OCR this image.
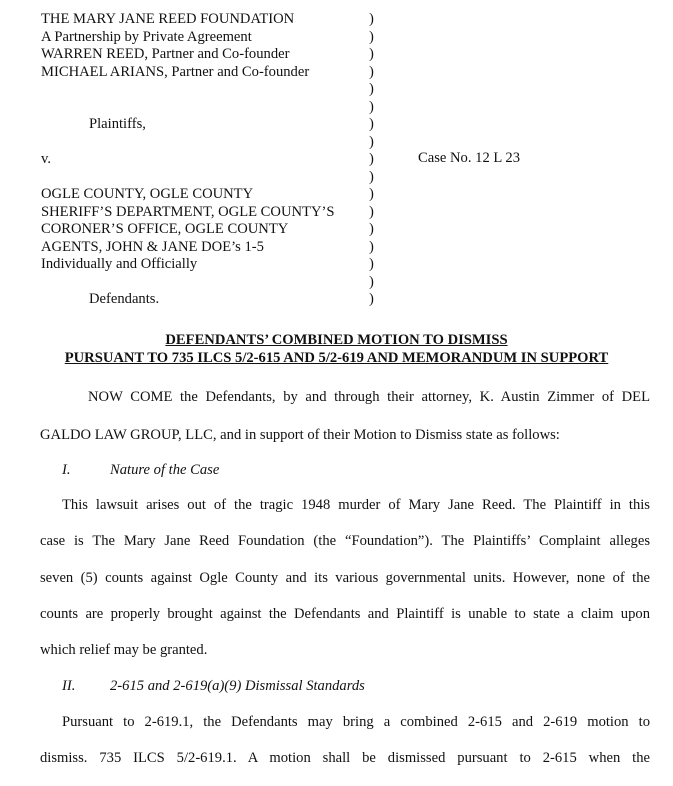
THE MARY JANE REED FOUNDATION
A Partnership by Private Agreement
WARREN REED, Partner and Co-founder
MICHAEL ARIANS, Partner and Co-founder
Plaintiffs,
v.
OGLE COUNTY, OGLE COUNTY
SHERIFF’S DEPARTMENT, OGLE COUNTY’S
CORONER’S OFFICE, OGLE COUNTY
AGENTS, JOHN & JANE DOE’s 1-5
Individually and Officially
Defendants.
)
)
)
)
)
)
)
)
)
)
)
)
)
)
)
)
)
Case No. 12 L 23
DEFENDANTS’ COMBINED MOTION TO DISMISS
PURSUANT TO 735 ILCS 5/2-615 AND 5/2-619 AND MEMORANDUM IN SUPPORT
NOW COME the Defendants, by and through their attorney, K. Austin Zimmer of DEL
GALDO LAW GROUP, LLC, and in support of their Motion to Dismiss state as follows:
I.	Nature of the Case
This lawsuit arises out of the tragic 1948 murder of Mary Jane Reed. The Plaintiff in this
case is The Mary Jane Reed Foundation (the “Foundation”). The Plaintiffs’ Complaint alleges
seven (5) counts against Ogle County and its various governmental units. However, none of the
counts are properly brought against the Defendants and Plaintiff is unable to state a claim upon
which relief may be granted.
II. 2-615 and 2-619(a)(9) Dismissal Standards
Pursuant to 2-619.1, the Defendants may bring a combined 2-615 and 2-619 motion to
dismiss. 735 ILCS 5/2-619.1. A motion shall be dismissed pursuant to 2-615 when the
